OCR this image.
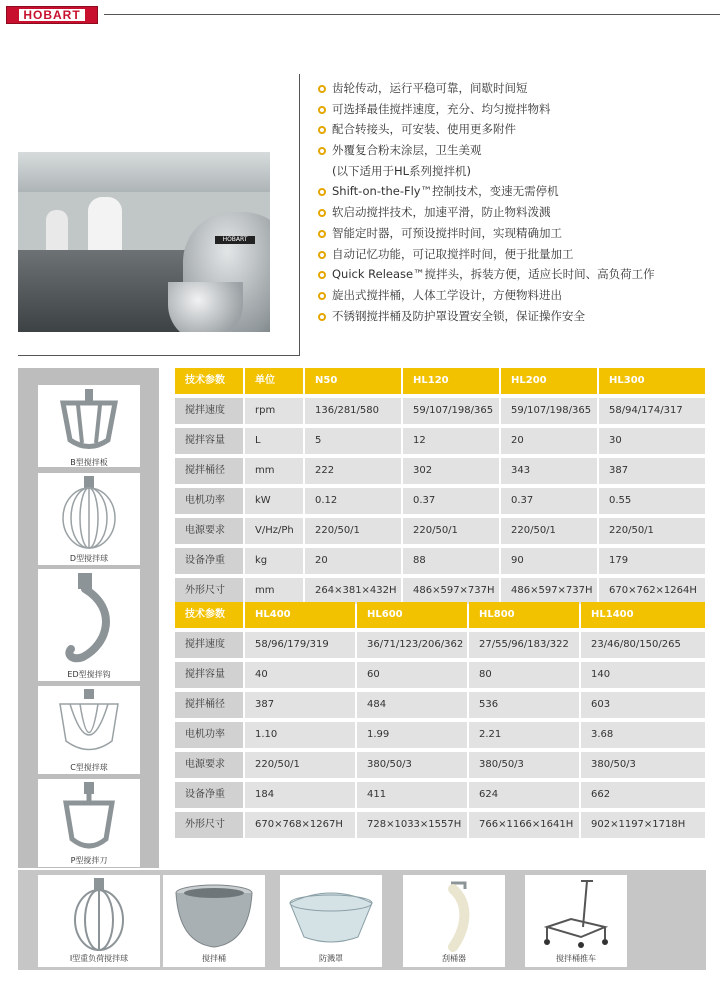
HOBART
HOBART
齿轮传动，运行平稳可靠，间歇时间短
可选择最佳搅拌速度，充分、均匀搅拌物料
配合转接头，可安装、使用更多附件
外覆复合粉末涂层，卫生美观
(以下适用于HL系列搅拌机)
Shift-on-the-Fly™控制技术，变速无需停机
软启动搅拌技术，加速平滑，防止物料泼溅
智能定时器，可预设搅拌时间，实现精确加工
自动记忆功能，可记取搅拌时间，便于批量加工
Quick Release™搅拌头，拆装方便，适应长时间、高负荷工作
旋出式搅拌桶，人体工学设计，方便物料进出
不锈钢搅拌桶及防护罩设置安全锁，保证操作安全
B型搅拌板
D型搅拌球
ED型搅拌钩
C型搅拌球
P型搅拌刀
技术参数	单位	N50	HL120	HL200	HL300
搅拌速度	rpm	136/281/580	59/107/198/365	59/107/198/365	58/94/174/317
搅拌容量	L	5	12	20	30
搅拌桶径	mm	222	302	343	387
电机功率	kW	0.12	0.37	0.37	0.55
电源要求	V/Hz/Ph	220/50/1	220/50/1	220/50/1	220/50/1
设备净重	kg	20	88	90	179
外形尺寸	mm	264×381×432H	486×597×737H	486×597×737H	670×762×1264H
技术参数	HL400	HL600	HL800	HL1400
搅拌速度	58/96/179/319	36/71/123/206/362	27/55/96/183/322	23/46/80/150/265
搅拌容量	40	60	80	140
搅拌桶径	387	484	536	603
电机功率	1.10	1.99	2.21	3.68
电源要求	220/50/1	380/50/3	380/50/3	380/50/3
设备净重	184	411	624	662
外形尺寸	670×768×1267H	728×1033×1557H	766×1166×1641H	902×1197×1718H
I型重负荷搅拌球	搅拌桶	防溅罩	刮桶器	搅拌桶推车
